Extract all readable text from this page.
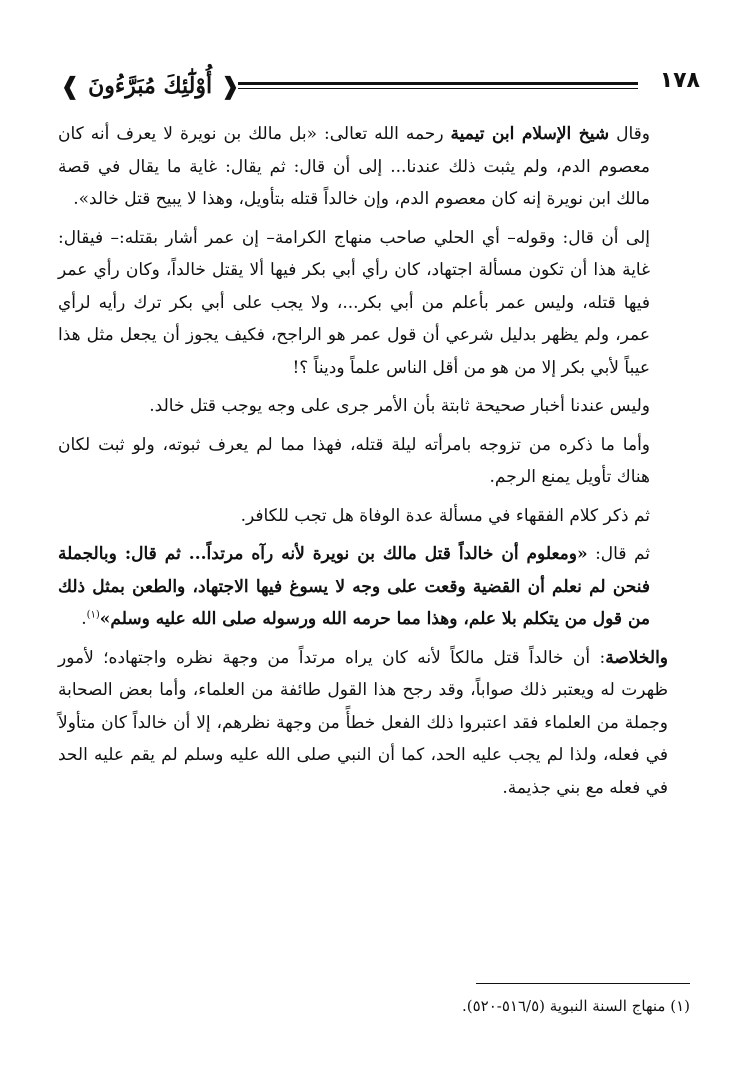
❰ أُوْلَٰٓئِكَ مُبَرَّءُونَ ❱	١٧٨

وقال شيخ الإسلام ابن تيمية رحمه الله تعالى: «بل مالك بن نويرة لا يعرف أنه كان معصوم الدم، ولم يثبت ذلك عندنا... إلى أن قال: ثم يقال: غاية ما يقال في قصة مالك ابن نويرة إنه كان معصوم الدم، وإن خالداً قتله بتأويل، وهذا لا يبيح قتل خالد».

إلى أن قال: وقوله– أي الحلي صاحب منهاج الكرامة– إن عمر أشار بقتله:– فيقال: غاية هذا أن تكون مسألة اجتهاد، كان رأي أبي بكر فيها ألا يقتل خالداً، وكان رأي عمر فيها قتله، وليس عمر بأعلم من أبي بكر...، ولا يجب على أبي بكر ترك رأيه لرأي عمر، ولم يظهر بدليل شرعي أن قول عمر هو الراجح، فكيف يجوز أن يجعل مثل هذا عيباً لأبي بكر إلا من هو من أقل الناس علماً وديناً ؟!

وليس عندنا أخبار صحيحة ثابتة بأن الأمر جرى على وجه يوجب قتل خالد.

وأما ما ذكره من تزوجه بامرأته ليلة قتله، فهذا مما لم يعرف ثبوته، ولو ثبت لكان هناك تأويل يمنع الرجم.

ثم ذكر كلام الفقهاء في مسألة عدة الوفاة هل تجب للكافر.

ثم قال: «ومعلوم أن خالداً قتل مالك بن نويرة لأنه رآه مرتداً... ثم قال: وبالجملة فنحن لم نعلم أن القضية وقعت على وجه لا يسوغ فيها الاجتهاد، والطعن بمثل ذلك من قول من يتكلم بلا علم، وهذا مما حرمه الله ورسوله صلى الله عليه وسلم»$^{(١)}$.

والخلاصة: أن خالداً قتل مالكاً لأنه كان يراه مرتداً من وجهة نظره واجتهاده؛ لأمور ظهرت له ويعتبر ذلك صواباً، وقد رجح هذا القول طائفة من العلماء، وأما بعض الصحابة وجملة من العلماء فقد اعتبروا ذلك الفعل خطأً من وجهة نظرهم، إلا أن خالداً كان متأولاً في فعله، ولذا لم يجب عليه الحد، كما أن النبي صلى الله عليه وسلم لم يقم عليه الحد في فعله مع بني جذيمة.

(١) منهاج السنة النبوية (٥١٦/٥-٥٢٠).
